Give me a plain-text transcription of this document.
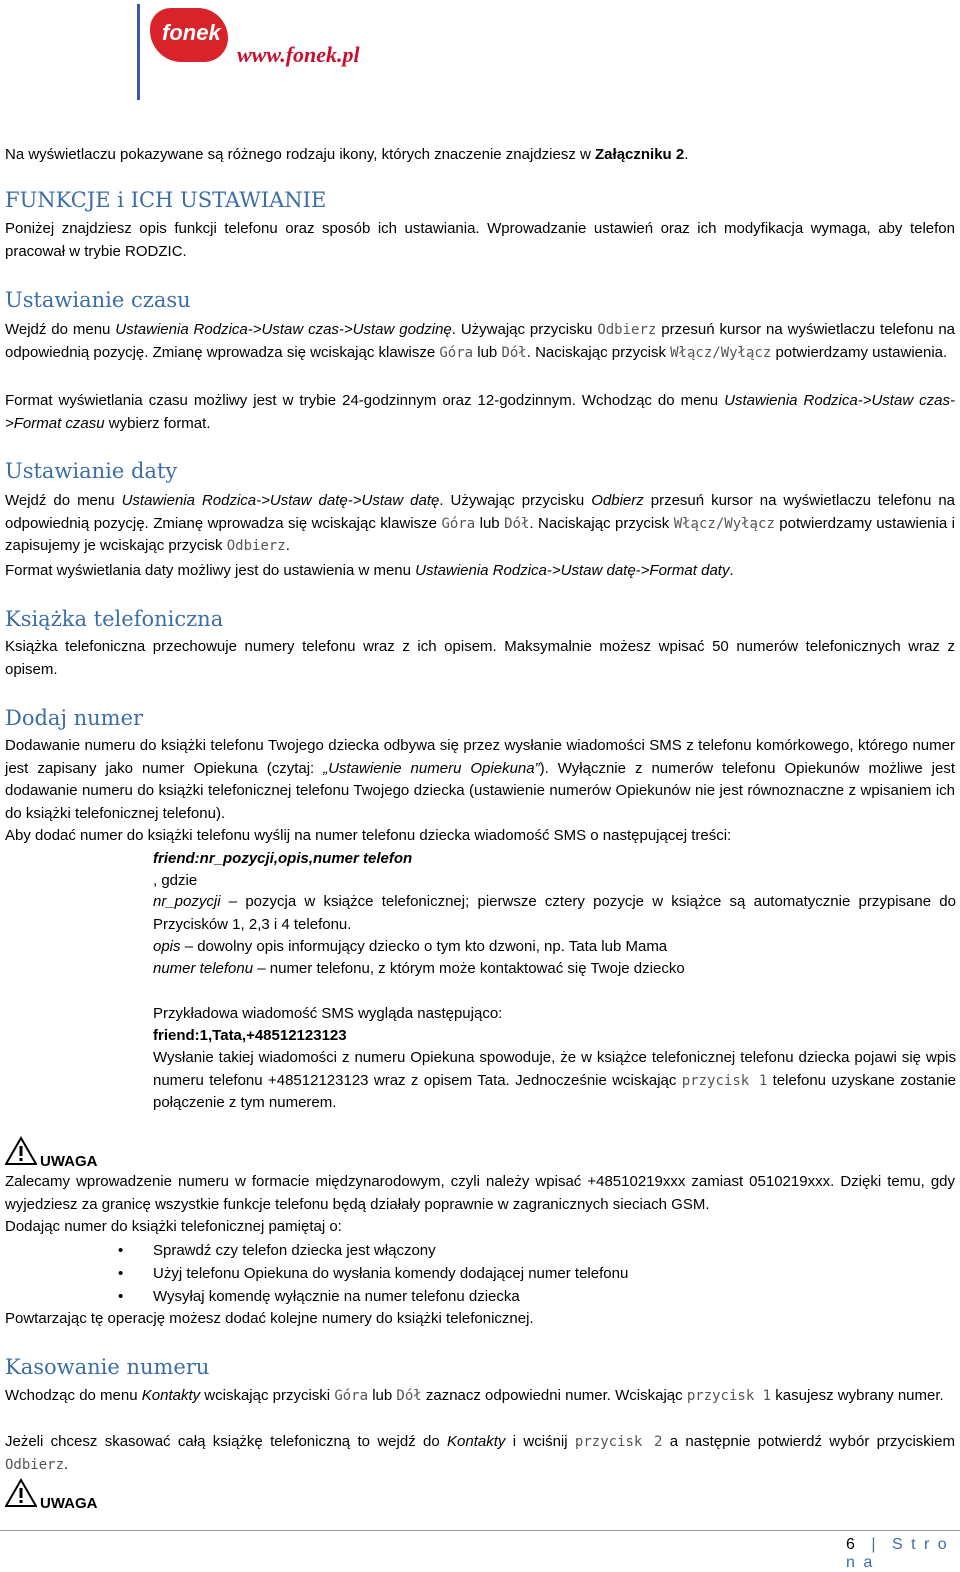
fonek
www.fonek.pl
Na wyświetlaczu pokazywane są różnego rodzaju ikony, których znaczenie znajdziesz w Załączniku 2.
FUNKCJE i ICH USTAWIANIE
Poniżej znajdziesz opis funkcji telefonu oraz sposób ich ustawiania. Wprowadzanie ustawień oraz ich modyfikacja wymaga, aby telefon pracował w trybie RODZIC.
Ustawianie czasu
Wejdź do menu Ustawienia Rodzica->Ustaw czas->Ustaw godzinę. Używając przycisku Odbierz przesuń kursor na wyświetlaczu telefonu na odpowiednią pozycję. Zmianę wprowadza się wciskając klawisze Góra lub Dół. Naciskając przycisk Włącz/Wyłącz potwierdzamy ustawienia.
Format wyświetlania czasu możliwy jest w trybie 24-godzinnym oraz 12-godzinnym. Wchodząc do menu Ustawienia Rodzica->Ustaw czas->Format czasu wybierz format.
Ustawianie daty
Wejdź do menu Ustawienia Rodzica->Ustaw datę->Ustaw datę. Używając przycisku Odbierz przesuń kursor na wyświetlaczu telefonu na odpowiednią pozycję. Zmianę wprowadza się wciskając klawisze Góra lub Dół. Naciskając przycisk Włącz/Wyłącz potwierdzamy ustawienia i zapisujemy je wciskając przycisk Odbierz.
Format wyświetlania daty możliwy jest do ustawienia w menu Ustawienia Rodzica->Ustaw datę->Format daty.
Książka telefoniczna
Książka telefoniczna przechowuje numery telefonu wraz z ich opisem. Maksymalnie możesz wpisać 50 numerów telefonicznych wraz z opisem.
Dodaj numer
Dodawanie numeru do książki telefonu Twojego dziecka odbywa się przez wysłanie wiadomości SMS z telefonu komórkowego, którego numer jest zapisany jako numer Opiekuna (czytaj: „Ustawienie numeru Opiekuna”). Wyłącznie z numerów telefonu Opiekunów możliwe jest dodawanie numeru do książki telefonicznej telefonu Twojego dziecka (ustawienie numerów Opiekunów nie jest równoznaczne z wpisaniem ich do książki telefonicznej telefonu).
Aby dodać numer do książki telefonu wyślij na numer telefonu dziecka wiadomość SMS o następującej treści:
friend:nr_pozycji,opis,numer telefon
, gdzie
nr_pozycji – pozycja w książce telefonicznej; pierwsze cztery pozycje w książce są automatycznie przypisane do Przycisków 1, 2,3 i 4 telefonu.
opis – dowolny opis informujący dziecko o tym kto dzwoni, np. Tata lub Mama
numer telefonu – numer telefonu, z którym może kontaktować się Twoje dziecko
Przykładowa wiadomość SMS wygląda następująco:
friend:1,Tata,+48512123123
Wysłanie takiej wiadomości z numeru Opiekuna spowoduje, że w książce telefonicznej telefonu dziecka pojawi się wpis numeru telefonu +48512123123 wraz z opisem Tata. Jednocześnie wciskając przycisk 1 telefonu uzyskane zostanie połączenie z tym numerem.
UWAGA
Zalecamy wprowadzenie numeru w formacie międzynarodowym, czyli należy wpisać +48510219xxx zamiast 0510219xxx. Dzięki temu, gdy wyjedziesz za granicę wszystkie funkcje telefonu będą działały poprawnie w zagranicznych sieciach GSM.
Dodając numer do książki telefonicznej pamiętaj o:
• Sprawdź czy telefon dziecka jest włączony
• Użyj telefonu Opiekuna do wysłania komendy dodającej numer telefonu
• Wysyłaj komendę wyłącznie na numer telefonu dziecka
Powtarzając tę operację możesz dodać kolejne numery do książki telefonicznej.
Kasowanie numeru
Wchodząc do menu Kontakty wciskając przyciski Góra lub Dół zaznacz odpowiedni numer. Wciskając przycisk 1 kasujesz wybrany numer.
Jeżeli chcesz skasować całą książkę telefoniczną to wejdź do Kontakty i wciśnij przycisk 2 a następnie potwierdź wybór przyciskiem Odbierz.
UWAGA
6 | S t r o n a
